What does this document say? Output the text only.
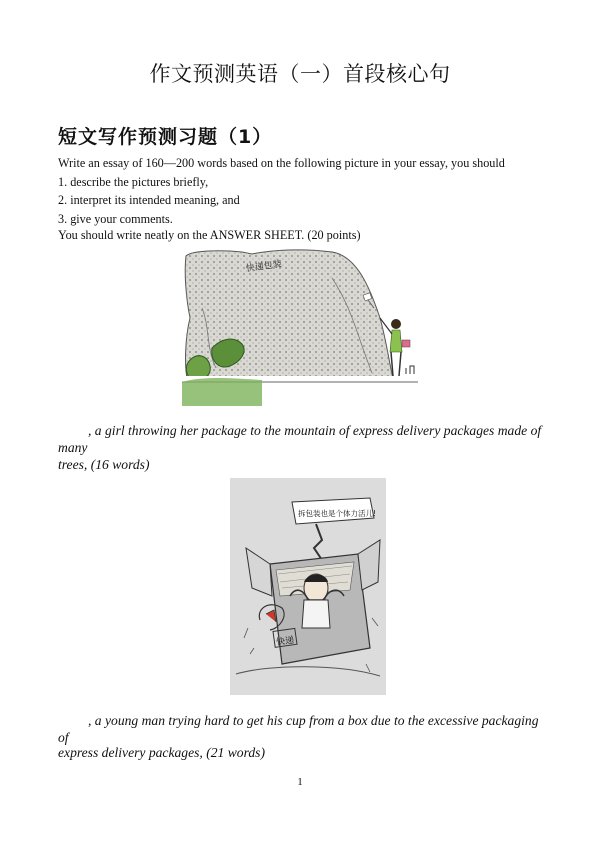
作文预测英语（一）首段核心句
短文写作预测习题（1）
Write an essay of 160—200 words based on the following picture in your essay, you should
1. describe the pictures briefly,
2. interpret its intended meaning, and
3. give your comments.
You should write neatly on the ANSWER SHEET. (20 points)
快递包装
, a girl throwing her package to the mountain of express delivery packages made of many
trees, (16 words)
拆包装也是个体力活儿!
快递
, a young man trying hard to get his cup from a box due to the excessive packaging of
express delivery packages, (21 words)
1
